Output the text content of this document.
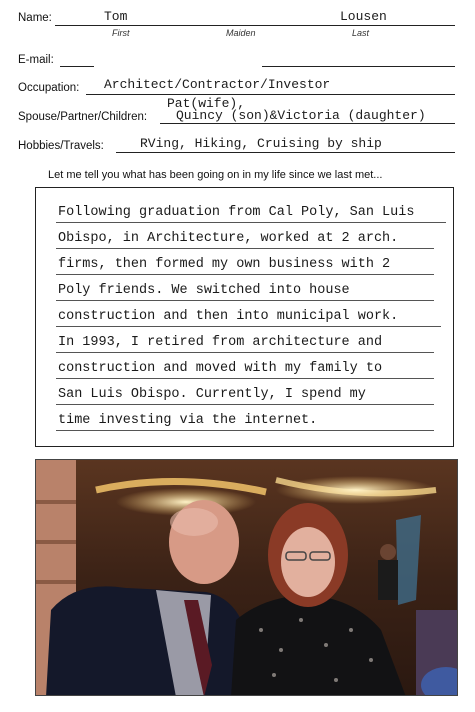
Name:	Tom	Lousen
First	Maiden	Last
E-mail:
Occupation: Architect/Contractor/Investor
Pat(wife),
Spouse/Partner/Children: Quincy (son)&Victoria (daughter)
Hobbies/Travels:	RVing, Hiking, Cruising by ship
Let me tell you what has been going on in my life since we last met...
Following graduation from Cal Poly, San Luis
Obispo, in Architecture, worked at 2 arch.
firms, then formed my own business with 2
Poly friends. We switched into house
construction and then into municipal work.
In 1993, I retired from architecture and
construction and moved with my family to
San Luis Obispo. Currently, I spend my
time investing via the internet.
